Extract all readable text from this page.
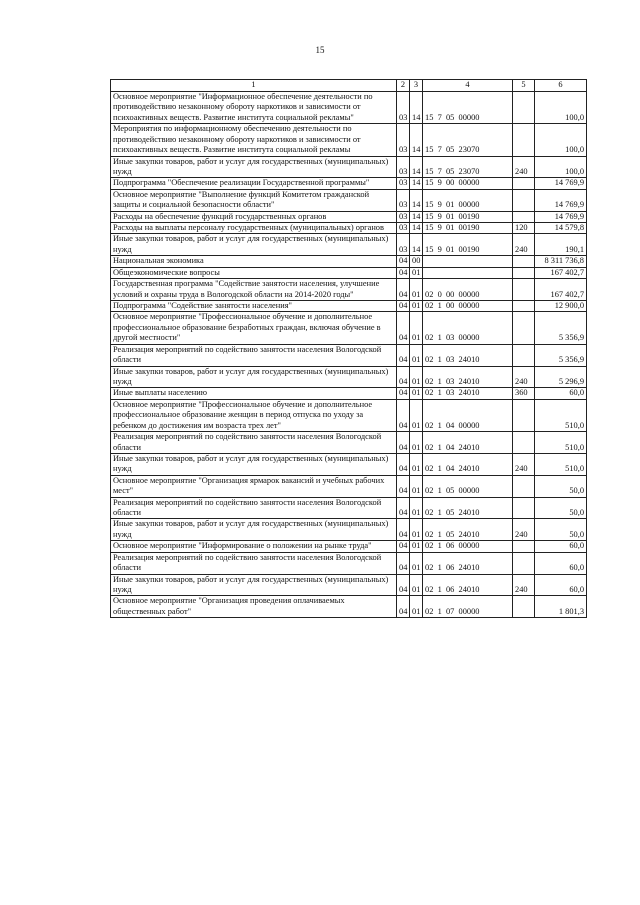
15
1	2	3	4	5	6
Основное мероприятие "Информационное обеспечение деятельности по противодействию незаконному обороту наркотиков и зависимости от психоактивных веществ. Развитие института социальной рекламы"	03	14	15  7  05  00000		100,0
Мероприятия по информационному обеспечению деятельности по противодействию незаконному обороту наркотиков и зависимости от психоактивных веществ. Развитие института социальной рекламы	03	14	15  7  05  23070		100,0
Иные закупки товаров, работ и услуг для государственных (муниципальных) нужд	03	14	15  7  05  23070	240	100,0
Подпрограмма "Обеспечение реализации Государственной программы"	03	14	15  9  00  00000		14 769,9
Основное мероприятие "Выполнение функций Комитетом гражданской защиты и социальной безопасности области"	03	14	15  9  01  00000		14 769,9
Расходы на обеспечение функций государственных органов	03	14	15  9  01  00190		14 769,9
Расходы на выплаты персоналу государственных (муниципальных) органов	03	14	15  9  01  00190	120	14 579,8
Иные закупки товаров, работ и услуг для государственных (муниципальных) нужд	03	14	15  9  01  00190	240	190,1
Национальная экономика	04	00			8 311 736,8
Общеэкономические вопросы	04	01			167 402,7
Государственная программа "Содействие занятости населения, улучшение условий и охраны труда в Вологодской области на 2014-2020 годы"	04	01	02  0  00  00000		167 402,7
Подпрограмма "Содействие занятости населения"	04	01	02  1  00  00000		12 900,0
Основное мероприятие "Профессиональное обучение и дополнительное профессиональное образование безработных граждан, включая обучение в другой местности"	04	01	02  1  03  00000		5 356,9
Реализация мероприятий по содействию занятости населения Вологодской области	04	01	02  1  03  24010		5 356,9
Иные закупки товаров, работ и услуг для государственных (муниципальных) нужд	04	01	02  1  03  24010	240	5 296,9
Иные выплаты населению	04	01	02  1  03  24010	360	60,0
Основное мероприятие "Профессиональное обучение и дополнительное профессиональное образование женщин в период отпуска по уходу за ребенком до достижения им возраста трех лет"	04	01	02  1  04  00000		510,0
Реализация мероприятий по содействию занятости населения Вологодской области	04	01	02  1  04  24010		510,0
Иные закупки товаров, работ и услуг для государственных (муниципальных) нужд	04	01	02  1  04  24010	240	510,0
Основное мероприятие "Организация ярмарок вакансий и учебных рабочих мест"	04	01	02  1  05  00000		50,0
Реализация мероприятий по содействию занятости населения Вологодской области	04	01	02  1  05  24010		50,0
Иные закупки товаров, работ и услуг для государственных (муниципальных) нужд	04	01	02  1  05  24010	240	50,0
Основное мероприятие "Информирование о положении на рынке труда"	04	01	02  1  06  00000		60,0
Реализация мероприятий по содействию занятости населения Вологодской области	04	01	02  1  06  24010		60,0
Иные закупки товаров, работ и услуг для государственных (муниципальных) нужд	04	01	02  1  06  24010	240	60,0
Основное мероприятие "Организация проведения оплачиваемых общественных работ"	04	01	02  1  07  00000		1 801,3
